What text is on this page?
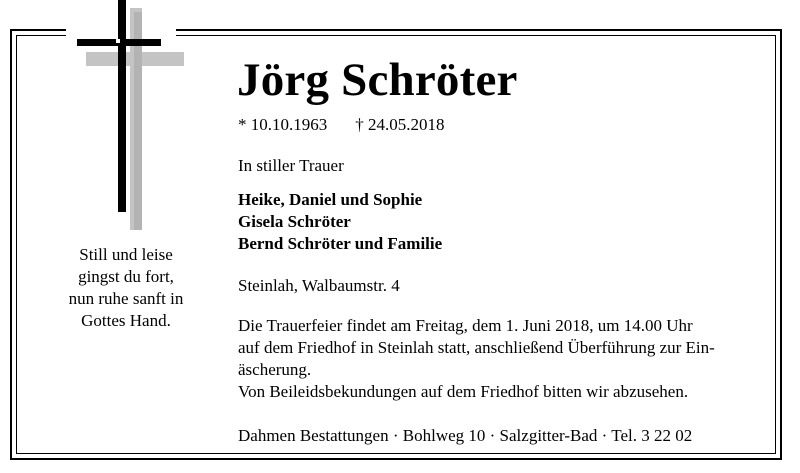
Still und leise
gingst du fort,
nun ruhe sanft in
Gottes Hand.
Jörg Schröter
* 10.10.1963 † 24.05.2018
In stiller Trauer
Heike, Daniel und Sophie
Gisela Schröter
Bernd Schröter und Familie
Steinlah, Walbaumstr. 4
Die Trauerfeier findet am Freitag, dem 1. Juni 2018, um 14.00 Uhr
auf dem Friedhof in Steinlah statt, anschließend Überführung zur Ein-
äscherung.
Von Beileidsbekundungen auf dem Friedhof bitten wir abzusehen.
Dahmen Bestattungen · Bohlweg 10 · Salzgitter-Bad · Tel. 3 22 02
